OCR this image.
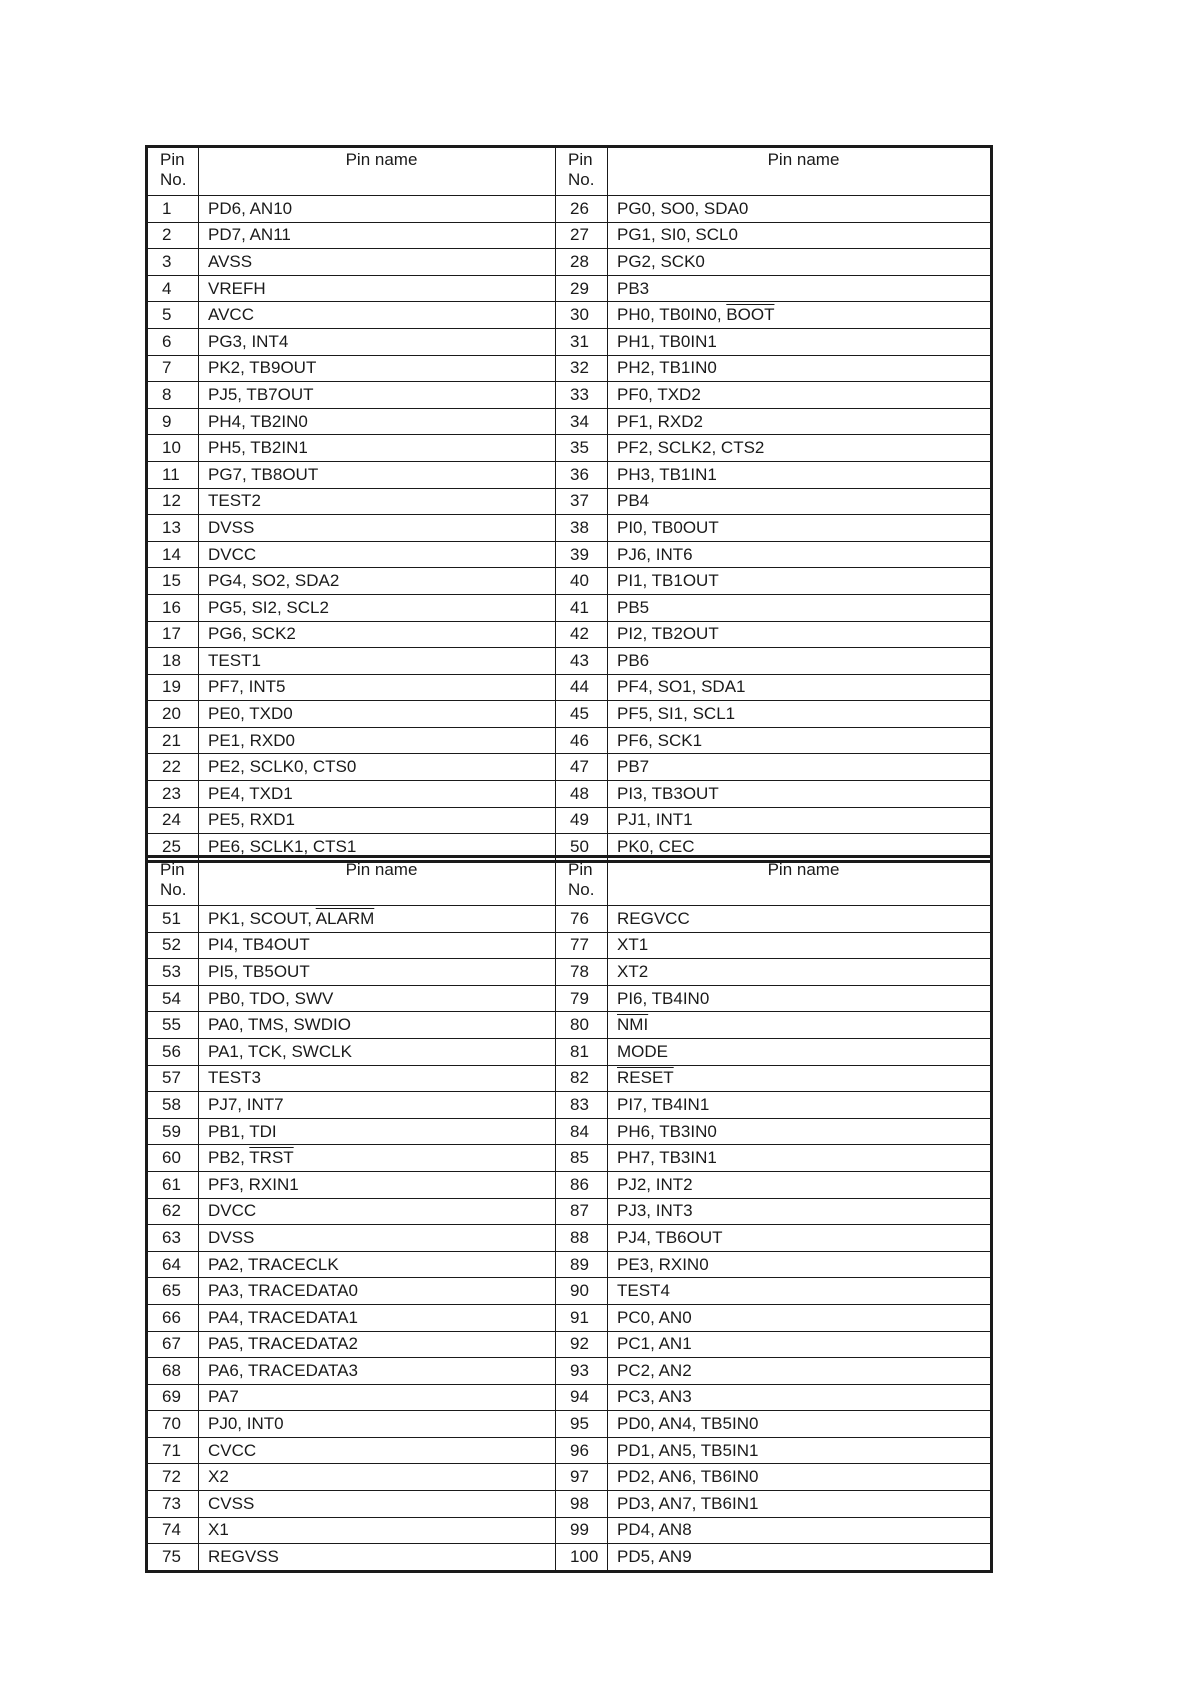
Pin
No.	Pin name	Pin
No.	Pin name
1	PD6, AN10	26	PG0, SO0, SDA0
2	PD7, AN11	27	PG1, SI0, SCL0
3	AVSS	28	PG2, SCK0
4	VREFH	29	PB3
5	AVCC	30	PH0, TB0IN0, BOOT
6	PG3, INT4	31	PH1, TB0IN1
7	PK2, TB9OUT	32	PH2, TB1IN0
8	PJ5, TB7OUT	33	PF0, TXD2
9	PH4, TB2IN0	34	PF1, RXD2
10	PH5, TB2IN1	35	PF2, SCLK2, CTS2
11	PG7, TB8OUT	36	PH3, TB1IN1
12	TEST2	37	PB4
13	DVSS	38	PI0, TB0OUT
14	DVCC	39	PJ6, INT6
15	PG4, SO2, SDA2	40	PI1, TB1OUT
16	PG5, SI2, SCL2	41	PB5
17	PG6, SCK2	42	PI2, TB2OUT
18	TEST1	43	PB6
19	PF7, INT5	44	PF4, SO1, SDA1
20	PE0, TXD0	45	PF5, SI1, SCL1
21	PE1, RXD0	46	PF6, SCK1
22	PE2, SCLK0, CTS0	47	PB7
23	PE4, TXD1	48	PI3, TB3OUT
24	PE5, RXD1	49	PJ1, INT1
25	PE6, SCLK1, CTS1	50	PK0, CEC
Pin
No.	Pin name	Pin
No.	Pin name
51	PK1, SCOUT, ALARM	76	REGVCC
52	PI4, TB4OUT	77	XT1
53	PI5, TB5OUT	78	XT2
54	PB0, TDO, SWV	79	PI6, TB4IN0
55	PA0, TMS, SWDIO	80	$\overline{NMI}$
56	PA1, TCK, SWCLK	81	MODE
57	TEST3	82	RESET
58	PJ7, INT7	83	PI7, TB4IN1
59	PB1, TDI	84	PH6, TB3IN0
60	PB2, TRST	85	PH7, TB3IN1
61	PF3, RXIN1	86	PJ2, INT2
62	DVCC	87	PJ3, INT3
63	DVSS	88	PJ4, TB6OUT
64	PA2, TRACECLK	89	PE3, RXIN0
65	PA3, TRACEDATA0	90	TEST4
66	PA4, TRACEDATA1	91	PC0, AN0
67	PA5, TRACEDATA2	92	PC1, AN1
68	PA6, TRACEDATA3	93	PC2, AN2
69	PA7	94	PC3, AN3
70	PJ0, INT0	95	PD0, AN4, TB5IN0
71	CVCC	96	PD1, AN5, TB5IN1
72	X2	97	PD2, AN6, TB6IN0
73	CVSS	98	PD3, AN7, TB6IN1
74	X1	99	PD4, AN8
75	REGVSS	100	PD5, AN9
